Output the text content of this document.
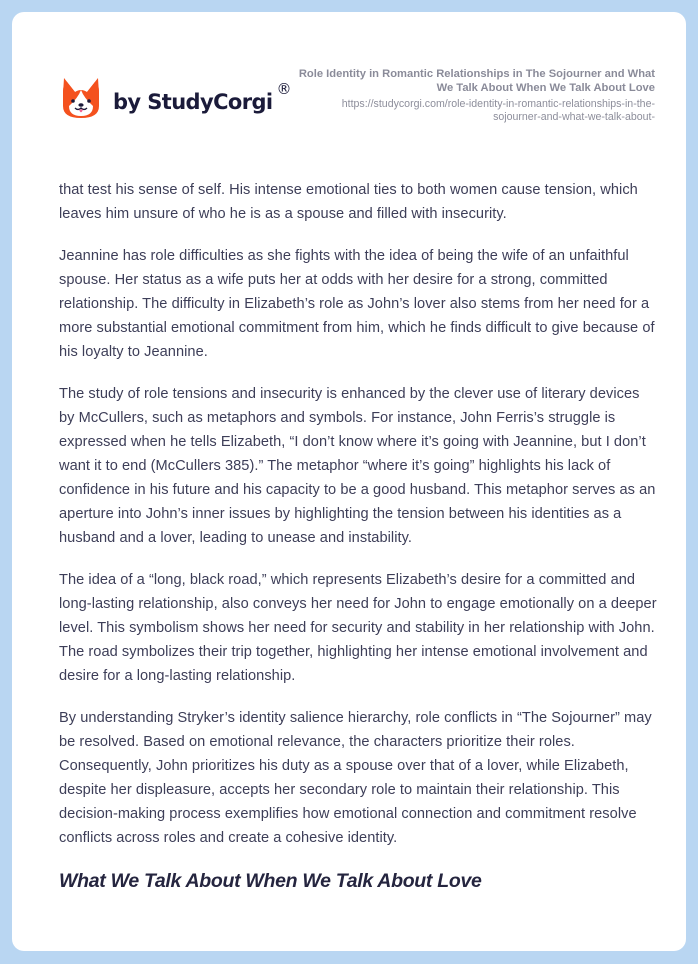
by StudyCorgi
®
Role Identity in Romantic Relationships in The Sojourner and What We Talk About When We Talk About Love
https://studycorgi.com/role-identity-in-romantic-relationships-in-the-sojourner-and-what-we-talk-about-

that test his sense of self. His intense emotional ties to both women cause tension, which leaves him unsure of who he is as a spouse and filled with insecurity.

Jeannine has role difficulties as she fights with the idea of being the wife of an unfaithful spouse. Her status as a wife puts her at odds with her desire for a strong, committed relationship. The difficulty in Elizabeth’s role as John’s lover also stems from her need for a more substantial emotional commitment from him, which he finds difficult to give because of his loyalty to Jeannine.

The study of role tensions and insecurity is enhanced by the clever use of literary devices by McCullers, such as metaphors and symbols. For instance, John Ferris’s struggle is expressed when he tells Elizabeth, “I don’t know where it’s going with Jeannine, but I don’t want it to end (McCullers 385).” The metaphor “where it’s going” highlights his lack of confidence in his future and his capacity to be a good husband. This metaphor serves as an aperture into John’s inner issues by highlighting the tension between his identities as a husband and a lover, leading to unease and instability.

The idea of a “long, black road,” which represents Elizabeth’s desire for a committed and long-lasting relationship, also conveys her need for John to engage emotionally on a deeper level. This symbolism shows her need for security and stability in her relationship with John. The road symbolizes their trip together, highlighting her intense emotional involvement and desire for a long-lasting relationship.

By understanding Stryker’s identity salience hierarchy, role conflicts in “The Sojourner” may be resolved. Based on emotional relevance, the characters prioritize their roles. Consequently, John prioritizes his duty as a spouse over that of a lover, while Elizabeth, despite her displeasure, accepts her secondary role to maintain their relationship. This decision-making process exemplifies how emotional connection and commitment resolve conflicts across roles and create a cohesive identity.

What We Talk About When We Talk About Love
